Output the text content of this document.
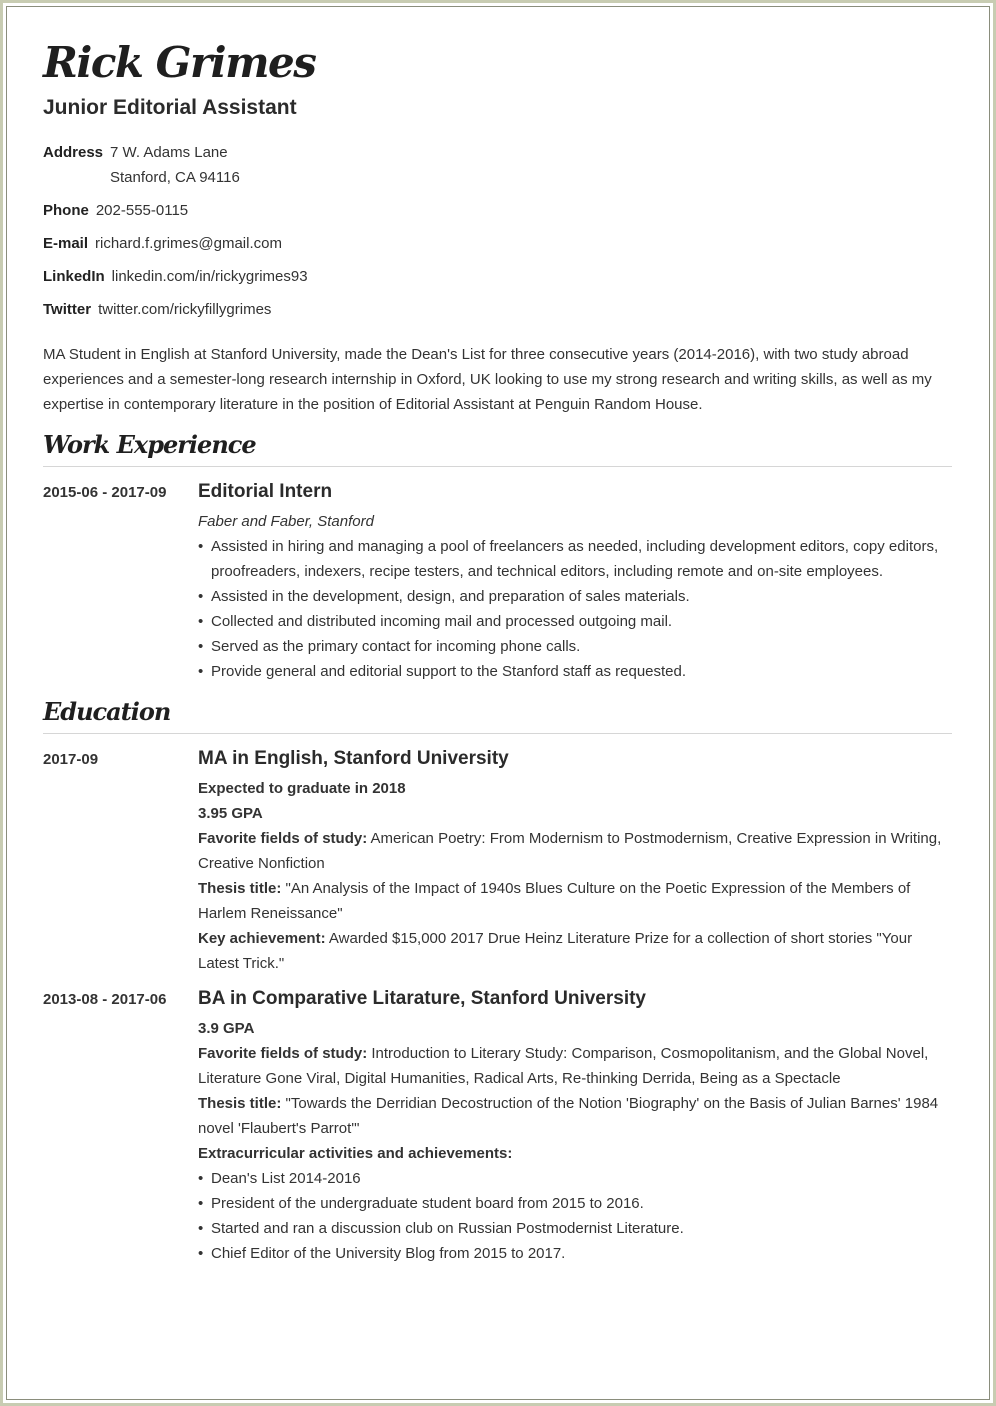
Rick Grimes
Junior Editorial Assistant
Address 7 W. Adams Lane
Stanford, CA 94116
Phone 202-555-0115
E-mail richard.f.grimes@gmail.com
LinkedIn linkedin.com/in/rickygrimes93
Twitter twitter.com/rickyfillygrimes
MA Student in English at Stanford University, made the Dean's List for three consecutive years (2014-2016), with two study abroad experiences and a semester-long research internship in Oxford, UK looking to use my strong research and writing skills, as well as my expertise in contemporary literature in the position of Editorial Assistant at Penguin Random House.
Work Experience
2015-06 - 2017-09 Editorial Intern
Faber and Faber, Stanford
• Assisted in hiring and managing a pool of freelancers as needed, including development editors, copy editors, proofreaders, indexers, recipe testers, and technical editors, including remote and on-site employees.
• Assisted in the development, design, and preparation of sales materials.
• Collected and distributed incoming mail and processed outgoing mail.
• Served as the primary contact for incoming phone calls.
• Provide general and editorial support to the Stanford staff as requested.
Education
2017-09	MA in English, Stanford University
Expected to graduate in 2018
3.95 GPA
Favorite fields of study: American Poetry: From Modernism to Postmodernism, Creative Expression in Writing, Creative Nonfiction
Thesis title: "An Analysis of the Impact of 1940s Blues Culture on the Poetic Expression of the Members of Harlem Reneissance"
Key achievement: Awarded $15,000 2017 Drue Heinz Literature Prize for a collection of short stories "Your Latest Trick."
2013-08 - 2017-06 BA in Comparative Litarature, Stanford University
3.9 GPA
Favorite fields of study: Introduction to Literary Study: Comparison, Cosmopolitanism, and the Global Novel, Literature Gone Viral, Digital Humanities, Radical Arts, Re-thinking Derrida, Being as a Spectacle
Thesis title: "Towards the Derridian Decostruction of the Notion 'Biography' on the Basis of Julian Barnes' 1984 novel 'Flaubert's Parrot'"
Extracurricular activities and achievements:
• Dean's List 2014-2016
• President of the undergraduate student board from 2015 to 2016.
• Started and ran a discussion club on Russian Postmodernist Literature.
• Chief Editor of the University Blog from 2015 to 2017.
